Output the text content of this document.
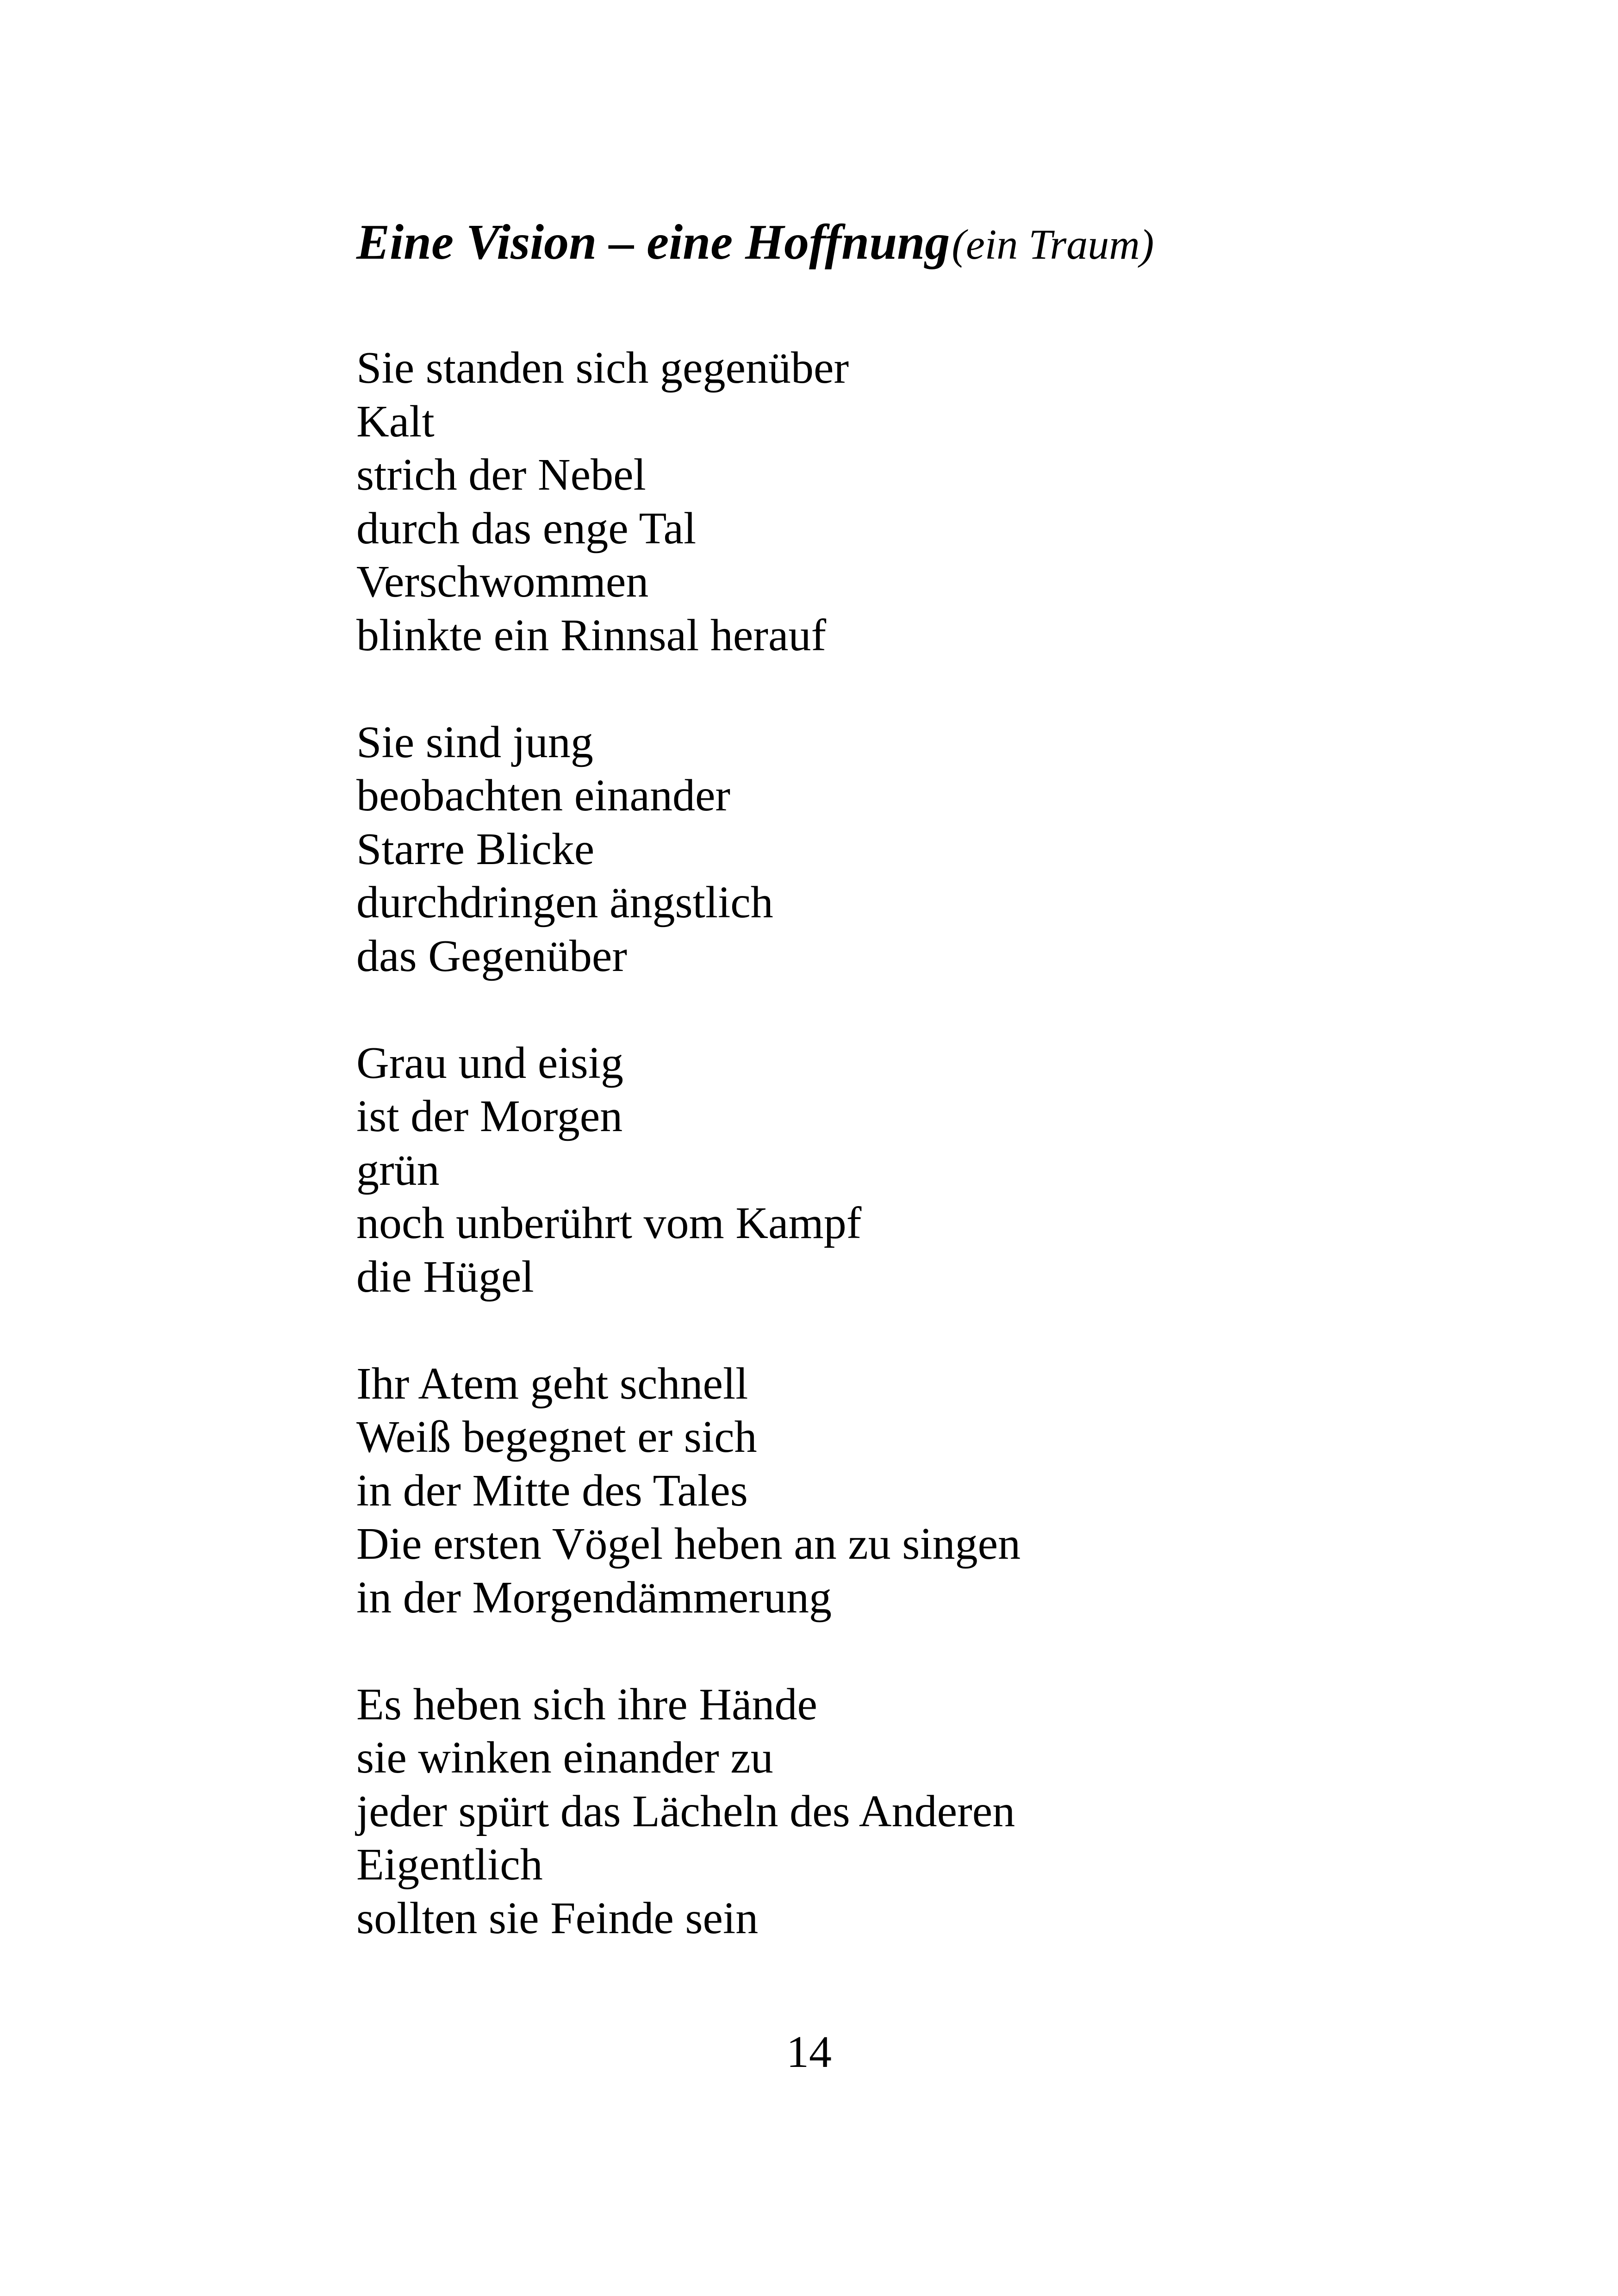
Eine Vision – eine Hoffnung (ein Traum)
Sie standen sich gegenüber
Kalt
strich der Nebel
durch das enge Tal
Verschwommen
blinkte ein Rinnsal herauf
Sie sind jung
beobachten einander
Starre Blicke
durchdringen ängstlich
das Gegenüber
Grau und eisig
ist der Morgen
grün
noch unberührt vom Kampf
die Hügel
Ihr Atem geht schnell
Weiß begegnet er sich
in der Mitte des Tales
Die ersten Vögel heben an zu singen
in der Morgendämmerung
Es heben sich ihre Hände
sie winken einander zu
jeder spürt das Lächeln des Anderen
Eigentlich
sollten sie Feinde sein
14
